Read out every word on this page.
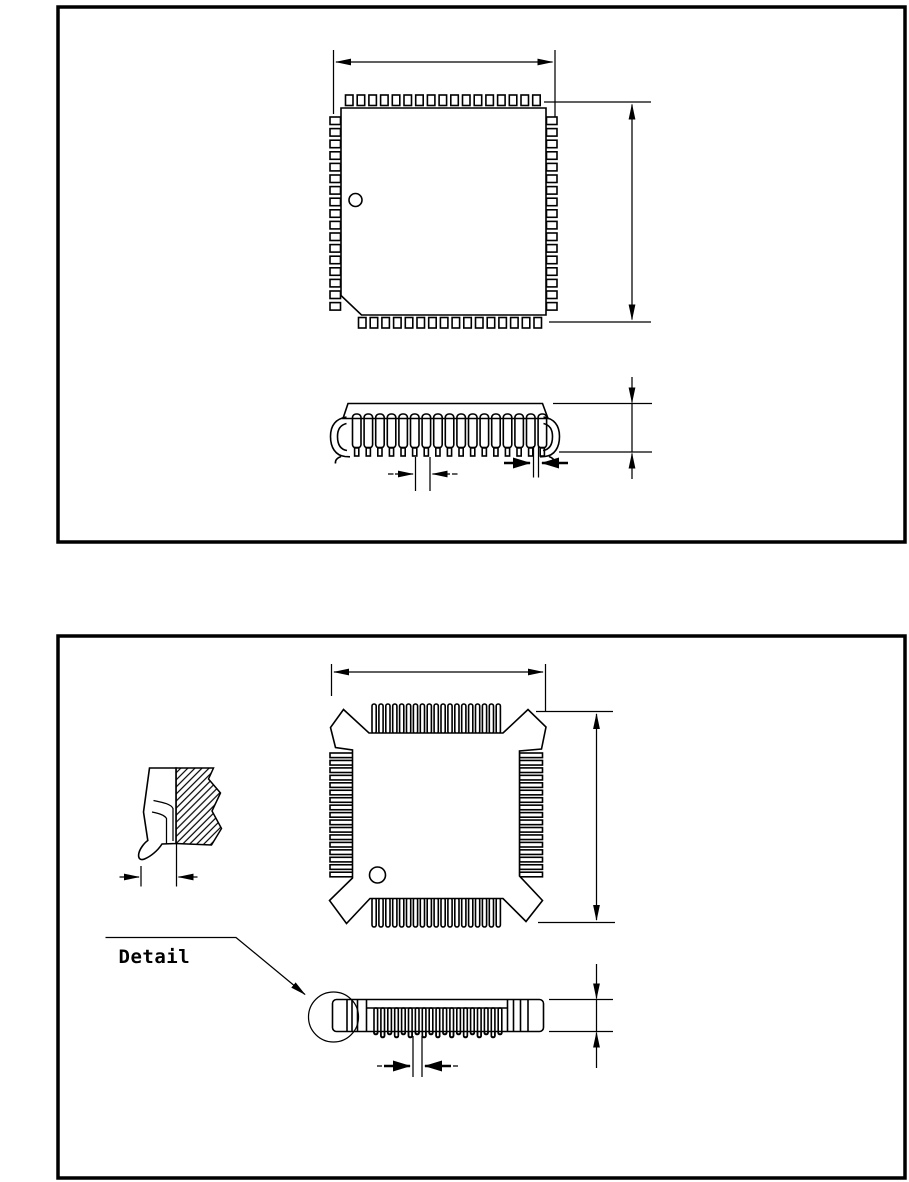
Detail
